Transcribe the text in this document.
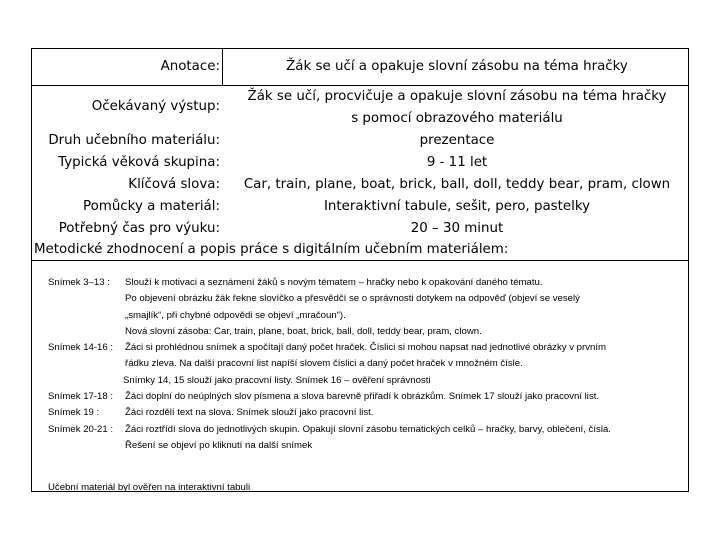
Anotace:	Žák se učí a opakuje slovní zásobu na téma hračky
Očekávaný výstup:
Žák se učí, procvičuje a opakuje slovní zásobu na téma hračky
s pomocí obrazového materiálu
Druh učebního materiálu:	prezentace
Typická věková skupina:	9 - 11 let
Klíčová slova:	Car, train, plane, boat, brick, ball, doll, teddy bear, pram, clown
Pomůcky a materiál:	Interaktivní tabule, sešit, pero, pastelky
Potřebný čas pro výuku:	20 – 30 minut
Metodické zhodnocení a popis práce s digitálním učebním materiálem:
Snímek 3–13 : Slouží k motivaci a seznámení žáků s novým tématem – hračky nebo k opakování daného tématu.
Po objevení obrázku žák řekne slovíčko a přesvědčí se o správnosti dotykem na odpověď (objeví se veselý
„smajlík“, při chybné odpovědi se objeví „mračoun“).
Nová slovní zásoba: Car, train, plane, boat, brick, ball, doll, teddy bear, pram, clown.
Snímek 14-16 : Žáci si prohlédnou snímek a spočítají daný počet hraček. Číslici si mohou napsat nad jednotlivé obrázky v prvním
řádku zleva. Na další pracovní list napíší slovem číslici a daný počet hraček v množném čísle.
Snímky 14, 15 slouží jako pracovní listy. Snímek 16 – ověření správnosti
Snímek 17-18 : Žáci doplní do neúplných slov písmena a slova barevně přiřadí k obrázkům. Snímek 17 slouží jako pracovní list.
Snímek 19 :	Žáci rozdělí text na slova. Snímek slouží jako pracovní list.
Snímek 20-21 : Žáci roztřídí slova do jednotlivých skupin. Opakují slovní zásobu tematických celků – hračky, barvy, oblečení, čísla.
Řešení se objeví po kliknutí na další snímek
Učební materiál byl ověřen na interaktivní tabuli
